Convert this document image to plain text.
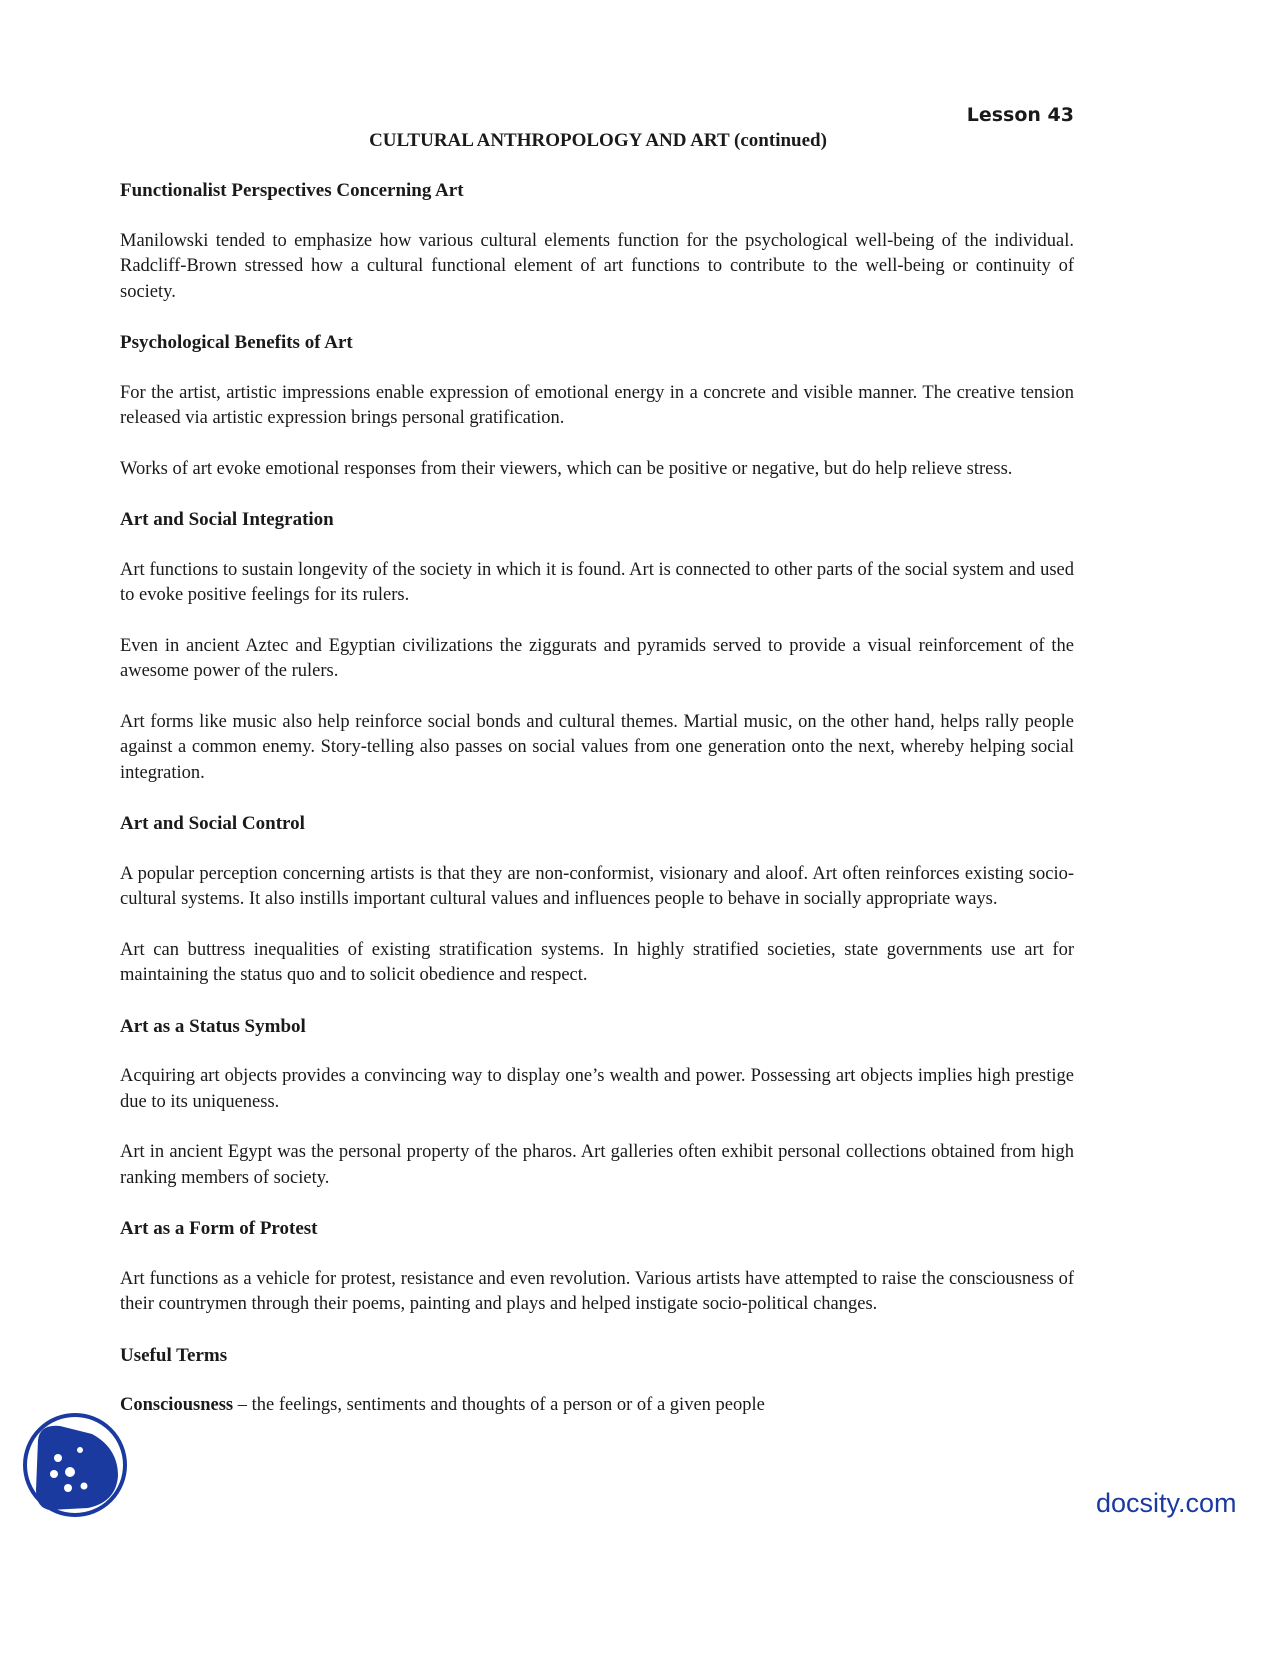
Lesson 43
CULTURAL ANTHROPOLOGY AND ART (continued)
Functionalist Perspectives Concerning Art

Manilowski tended to emphasize how various cultural elements function for the psychological well-being of the individual. Radcliff-Brown stressed how a cultural functional element of art functions to contribute to the well-being or continuity of society.

Psychological Benefits of Art

For the artist, artistic impressions enable expression of emotional energy in a concrete and visible manner. The creative tension released via artistic expression brings personal gratification.

Works of art evoke emotional responses from their viewers, which can be positive or negative, but do help relieve stress.

Art and Social Integration

Art functions to sustain longevity of the society in which it is found. Art is connected to other parts of the social system and used to evoke positive feelings for its rulers.

Even in ancient Aztec and Egyptian civilizations the ziggurats and pyramids served to provide a visual reinforcement of the awesome power of the rulers.

Art forms like music also help reinforce social bonds and cultural themes. Martial music, on the other hand, helps rally people against a common enemy. Story-telling also passes on social values from one generation onto the next, whereby helping social integration.

Art and Social Control

A popular perception concerning artists is that they are non-conformist, visionary and aloof. Art often reinforces existing socio-cultural systems. It also instills important cultural values and influences people to behave in socially appropriate ways.

Art can buttress inequalities of existing stratification systems. In highly stratified societies, state governments use art for maintaining the status quo and to solicit obedience and respect.

Art as a Status Symbol

Acquiring art objects provides a convincing way to display one’s wealth and power. Possessing art objects implies high prestige due to its uniqueness.

Art in ancient Egypt was the personal property of the pharos. Art galleries often exhibit personal collections obtained from high ranking members of society.

Art as a Form of Protest

Art functions as a vehicle for protest, resistance and even revolution. Various artists have attempted to raise the consciousness of their countrymen through their poems, painting and plays and helped instigate socio-political changes.

Useful Terms

Consciousness – the feelings, sentiments and thoughts of a person or of a given people

docsity.com
